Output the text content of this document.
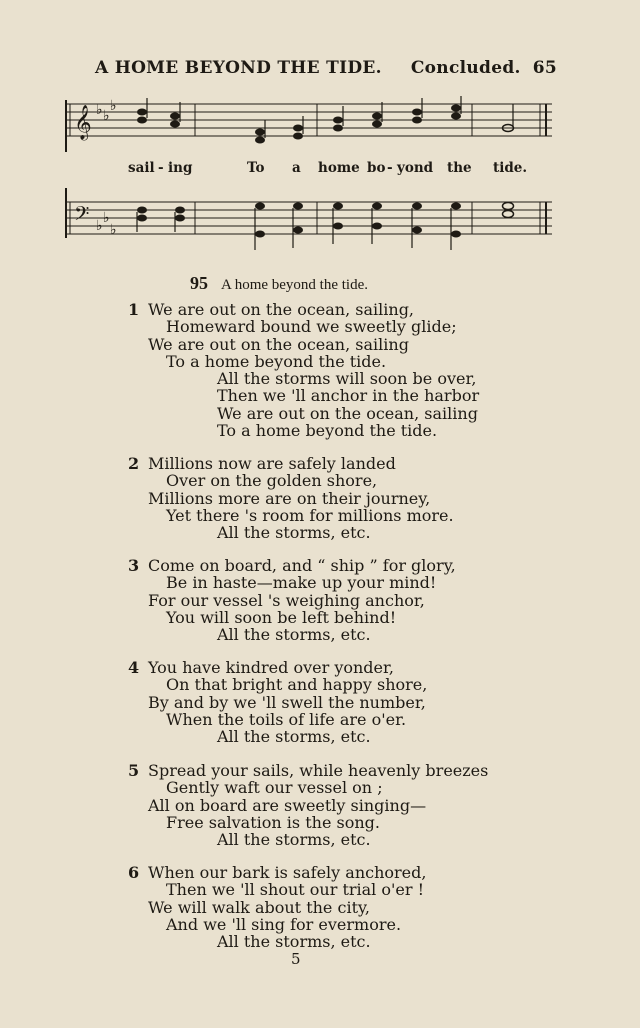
A HOME BEYOND THE TIDE. Concluded. 65
𝄞 ♭ ♭
♭
sail - ing	To a home bo - yond the tide.
𝄢 ♭ ♭
♭
95 A home beyond the tide.
1 We are out on the ocean, sailing,
Homeward bound we sweetly glide;
We are out on the ocean, sailing
To a home beyond the tide.
All the storms will soon be over,
Then we 'll anchor in the harbor
We are out on the ocean, sailing
To a home beyond the tide.
2 Millions now are safely landed
Over on the golden shore,
Millions more are on their journey,
Yet there 's room for millions more.
All the storms, etc.
3 Come on board, and “ ship ” for glory,
Be in haste—make up your mind!
For our vessel 's weighing anchor,
You will soon be left behind!
All the storms, etc.
4 You have kindred over yonder,
On that bright and happy shore,
By and by we 'll swell the number,
When the toils of life are o'er.
All the storms, etc.
5 Spread your sails, while heavenly breezes
Gently waft our vessel on ;
All on board are sweetly singing—
Free salvation is the song.
All the storms, etc.
6 When our bark is safely anchored,
Then we 'll shout our trial o'er !
We will walk about the city,
And we 'll sing for evermore.
All the storms, etc.
5
